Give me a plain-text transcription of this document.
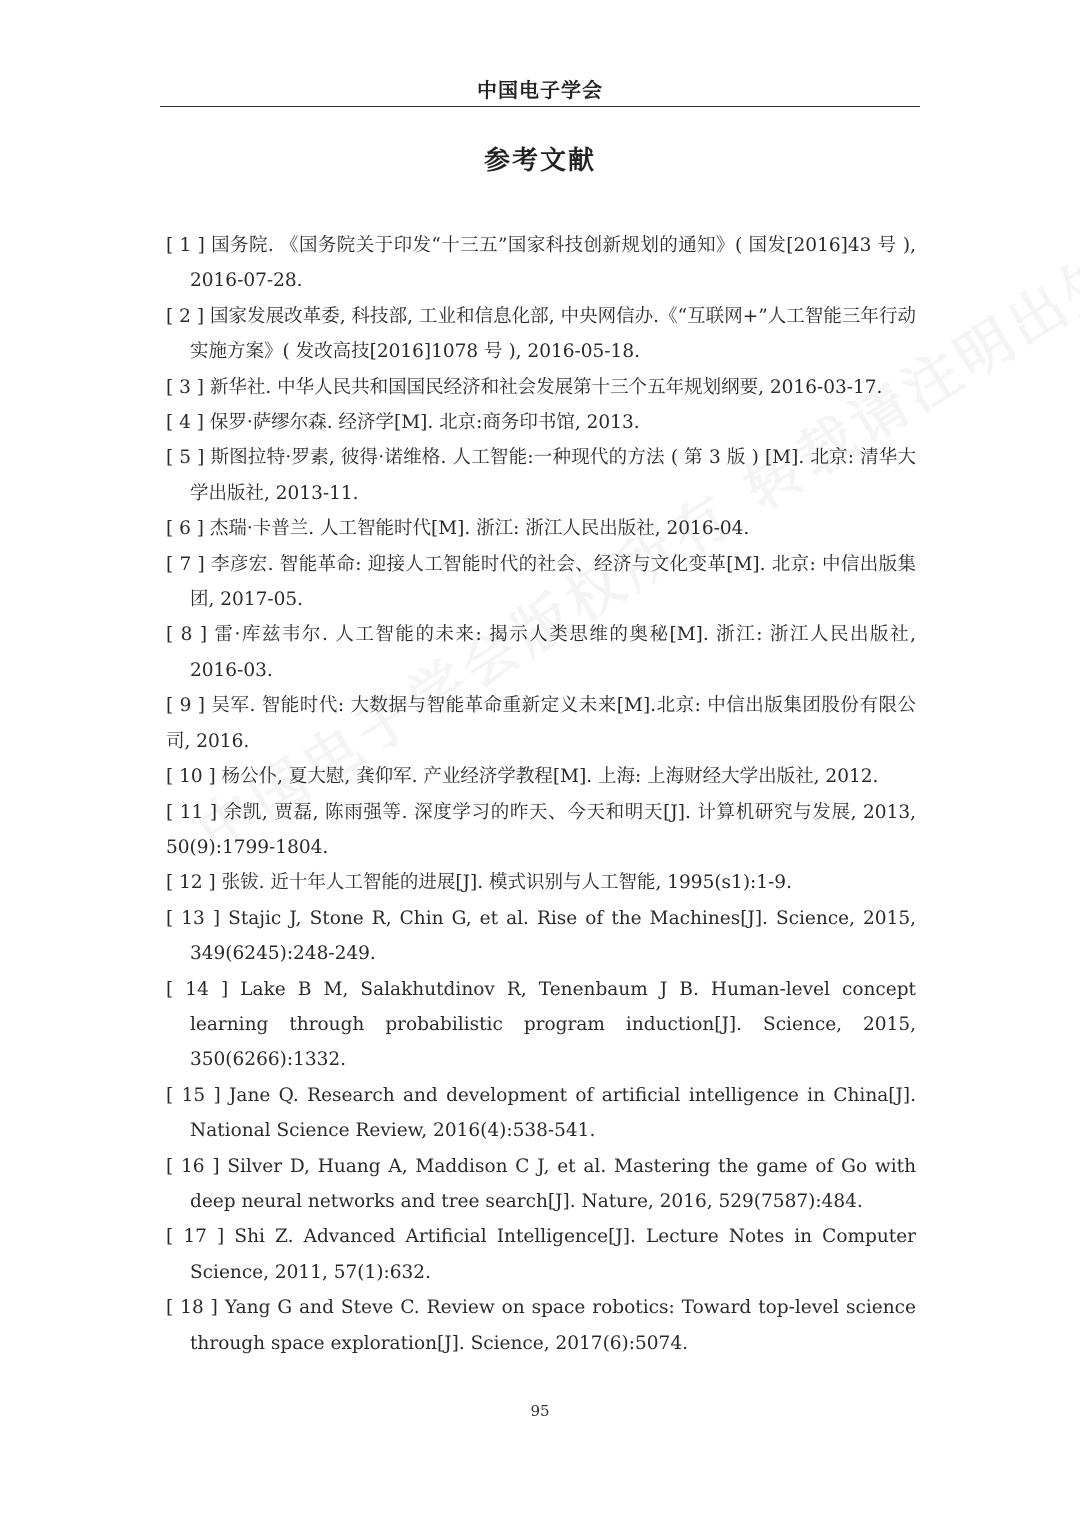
中国电子学会
参考文献
[ 1 ] 国务院. 《国务院关于印发“十三五”国家科技创新规划的通知》( 国发[2016]43 号 ), 2016-07-28.
[ 2 ] 国家发展改革委, 科技部, 工业和信息化部, 中央网信办.《“互联网+”人工智能三年行动实施方案》( 发改高技[2016]1078 号 ), 2016-05-18.
[ 3 ] 新华社. 中华人民共和国国民经济和社会发展第十三个五年规划纲要, 2016-03-17.
[ 4 ] 保罗·萨缪尔森. 经济学[M]. 北京:商务印书馆, 2013.
[ 5 ] 斯图拉特·罗素, 彼得·诺维格. 人工智能:一种现代的方法 ( 第 3 版 ) [M]. 北京: 清华大学出版社, 2013-11.
[ 6 ] 杰瑞·卡普兰. 人工智能时代[M]. 浙江: 浙江人民出版社, 2016-04.
[ 7 ] 李彦宏. 智能革命: 迎接人工智能时代的社会、经济与文化变革[M]. 北京: 中信出版集团, 2017-05.
[ 8 ] 雷·库兹韦尔. 人工智能的未来: 揭示人类思维的奥秘[M]. 浙江: 浙江人民出版社, 2016-03.
[ 9 ] 吴军. 智能时代: 大数据与智能革命重新定义未来[M].北京: 中信出版集团股份有限公司, 2016.
[ 10 ] 杨公仆, 夏大慰, 龚仰军. 产业经济学教程[M]. 上海: 上海财经大学出版社, 2012.
[ 11 ] 余凯, 贾磊, 陈雨强等. 深度学习的昨天、今天和明天[J]. 计算机研究与发展, 2013, 50(9):1799-1804.
[ 12 ] 张钹. 近十年人工智能的进展[J]. 模式识别与人工智能, 1995(s1):1-9.
[ 13 ] Stajic J, Stone R, Chin G, et al. Rise of the Machines[J]. Science, 2015, 349(6245):248-249.
[ 14 ] Lake B M, Salakhutdinov R, Tenenbaum J B. Human-level concept learning through probabilistic program induction[J]. Science, 2015, 350(6266):1332.
[ 15 ] Jane Q. Research and development of artificial intelligence in China[J]. National Science Review, 2016(4):538-541.
[ 16 ] Silver D, Huang A, Maddison C J, et al. Mastering the game of Go with deep neural networks and tree search[J]. Nature, 2016, 529(7587):484.
[ 17 ] Shi Z. Advanced Artificial Intelligence[J]. Lecture Notes in Computer Science, 2011, 57(1):632.
[ 18 ] Yang G and Steve C. Review on space robotics: Toward top-level science through space exploration[J]. Science, 2017(6):5074.
95
